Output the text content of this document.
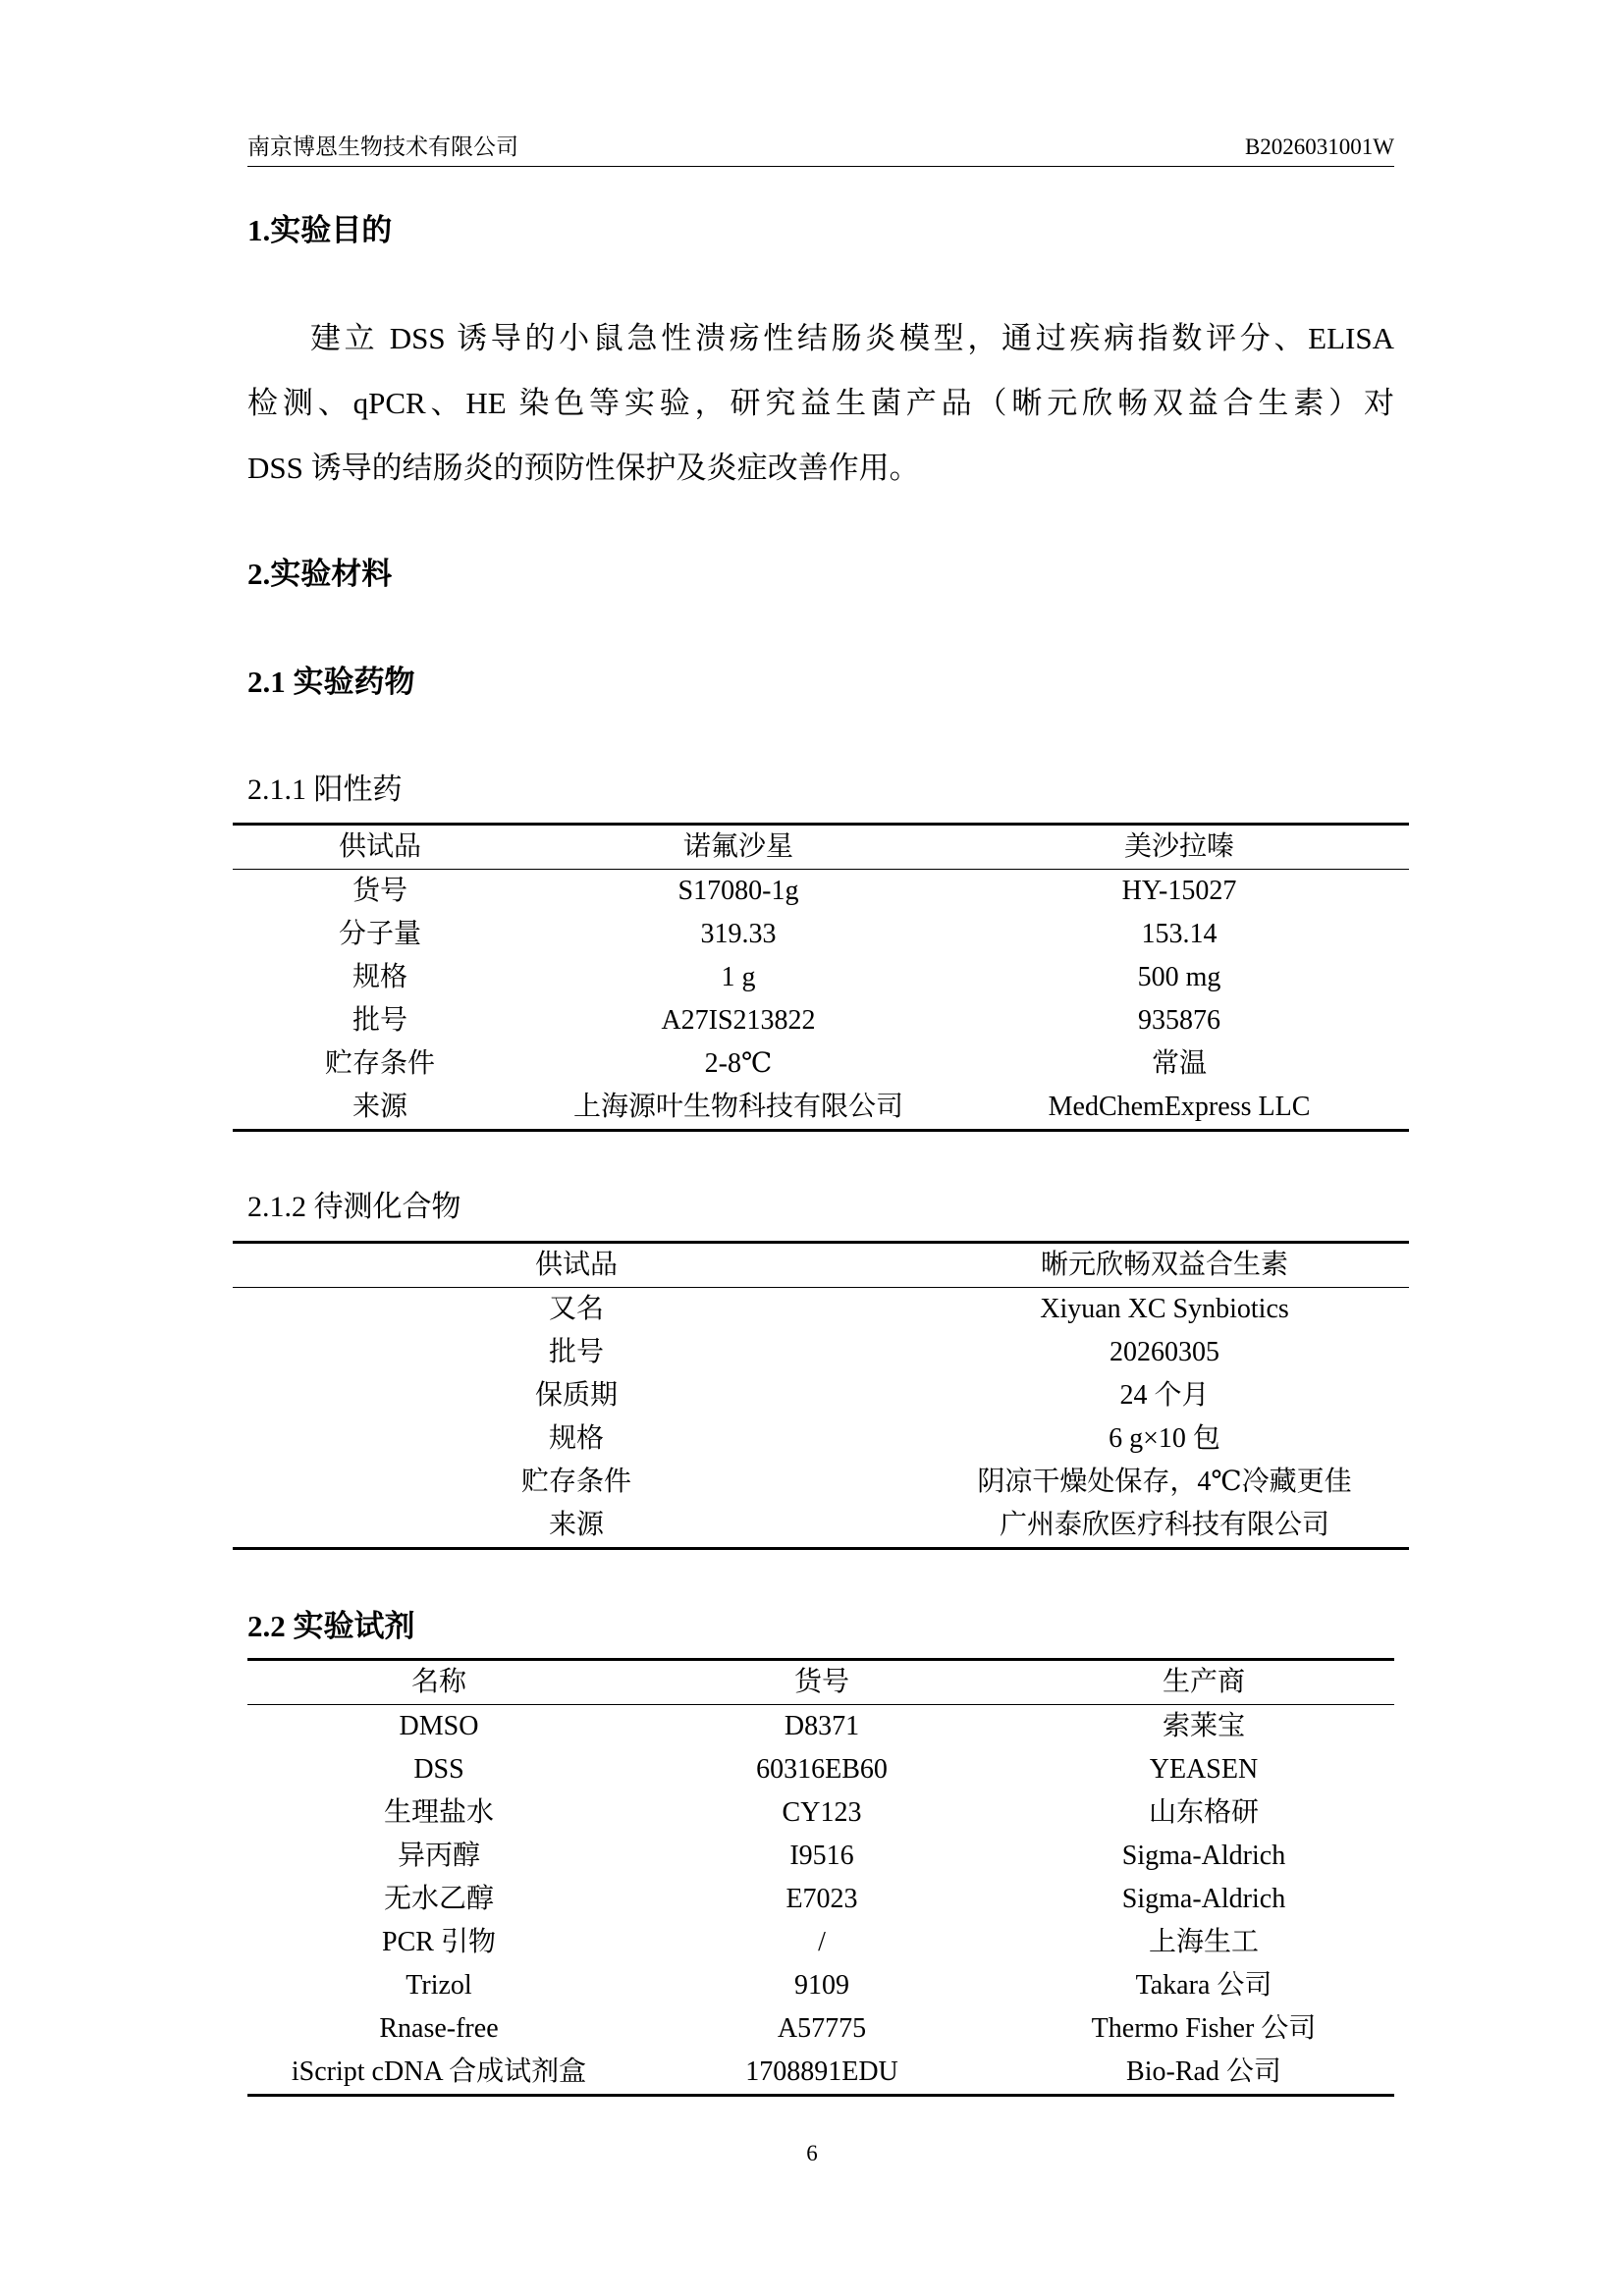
南京博恩生物技术有限公司	B2026031001W
1.实验目的
建立 DSS 诱导的小鼠急性溃疡性结肠炎模型，通过疾病指数评分、ELISA
检测、qPCR、HE 染色等实验，研究益生菌产品（晰元欣畅双益合生素）对
DSS 诱导的结肠炎的预防性保护及炎症改善作用。
2.实验材料
2.1 实验药物
2.1.1 阳性药
供试品	诺氟沙星	美沙拉嗪
货号	S17080-1g	HY-15027
分子量	319.33	153.14
规格	1 g	500 mg
批号	A27IS213822	935876
贮存条件	2-8℃	常温
来源	上海源叶生物科技有限公司	MedChemExpress LLC
2.1.2 待测化合物
供试品	晰元欣畅双益合生素
又名	Xiyuan XC Synbiotics
批号	20260305
保质期	24 个月
规格	6 g×10 包
贮存条件	阴凉干燥处保存，4℃冷藏更佳
来源	广州泰欣医疗科技有限公司
2.2 实验试剂
名称	货号	生产商
DMSO	D8371	索莱宝
DSS	60316EB60	YEASEN
生理盐水	CY123	山东格研
异丙醇	I9516	Sigma-Aldrich
无水乙醇	E7023	Sigma-Aldrich
PCR 引物	/	上海生工
Trizol	9109	Takara 公司
Rnase-free	A57775	Thermo Fisher 公司
iScript cDNA 合成试剂盒	1708891EDU	Bio-Rad 公司
6
